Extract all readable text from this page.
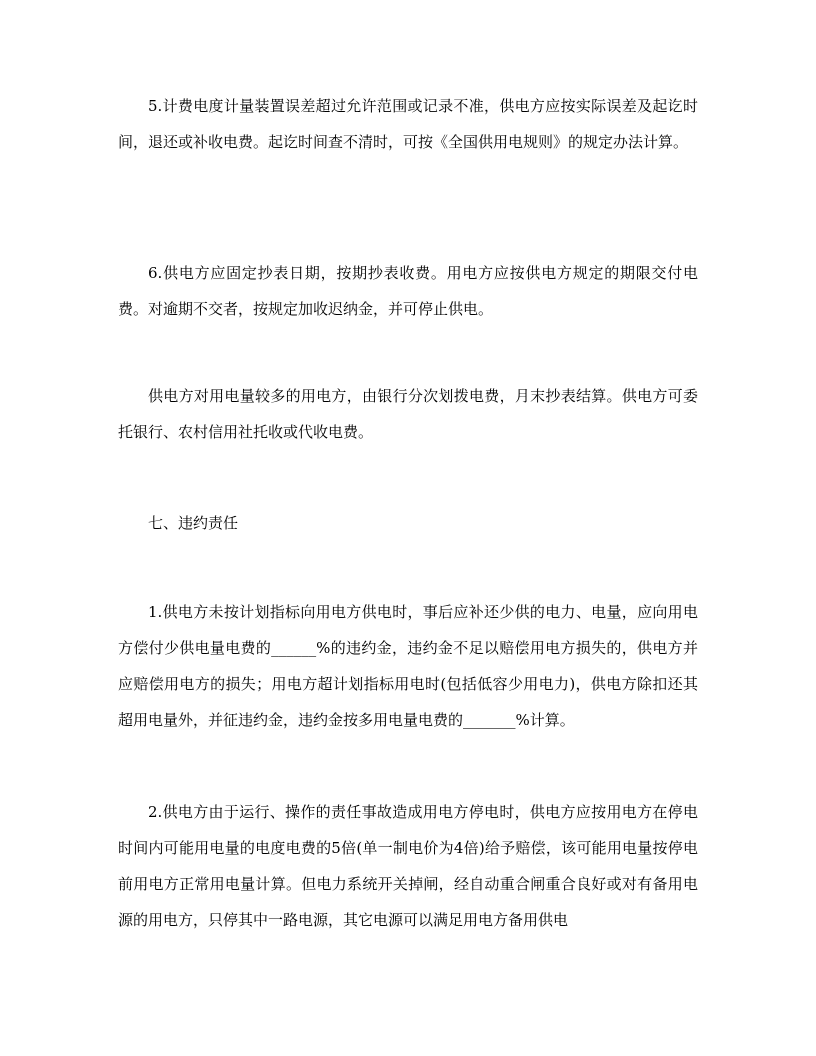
5.计费电度计量装置误差超过允许范围或记录不准，供电方应按实际误差及起讫时间，退还或补收电费。起讫时间查不清时，可按《全国供用电规则》的规定办法计算。

6.供电方应固定抄表日期，按期抄表收费。用电方应按供电方规定的期限交付电费。对逾期不交者，按规定加收迟纳金，并可停止供电。

供电方对用电量较多的用电方，由银行分次划拨电费，月末抄表结算。供电方可委托银行、农村信用社托收或代收电费。

七、违约责任

1.供电方未按计划指标向用电方供电时，事后应补还少供的电力、电量，应向用电方偿付少供电量电费的______%的违约金，违约金不足以赔偿用电方损失的，供电方并应赔偿用电方的损失；用电方超计划指标用电时(包括低容少用电力)，供电方除扣还其超用电量外，并征违约金，违约金按多用电量电费的_______%计算。

2.供电方由于运行、操作的责任事故造成用电方停电时，供电方应按用电方在停电时间内可能用电量的电度电费的5倍(单一制电价为4倍)给予赔偿，该可能用电量按停电前用电方正常用电量计算。但电力系统开关掉闸，经自动重合闸重合良好或对有备用电源的用电方，只停其中一路电源，其它电源可以满足用电方备用供电
